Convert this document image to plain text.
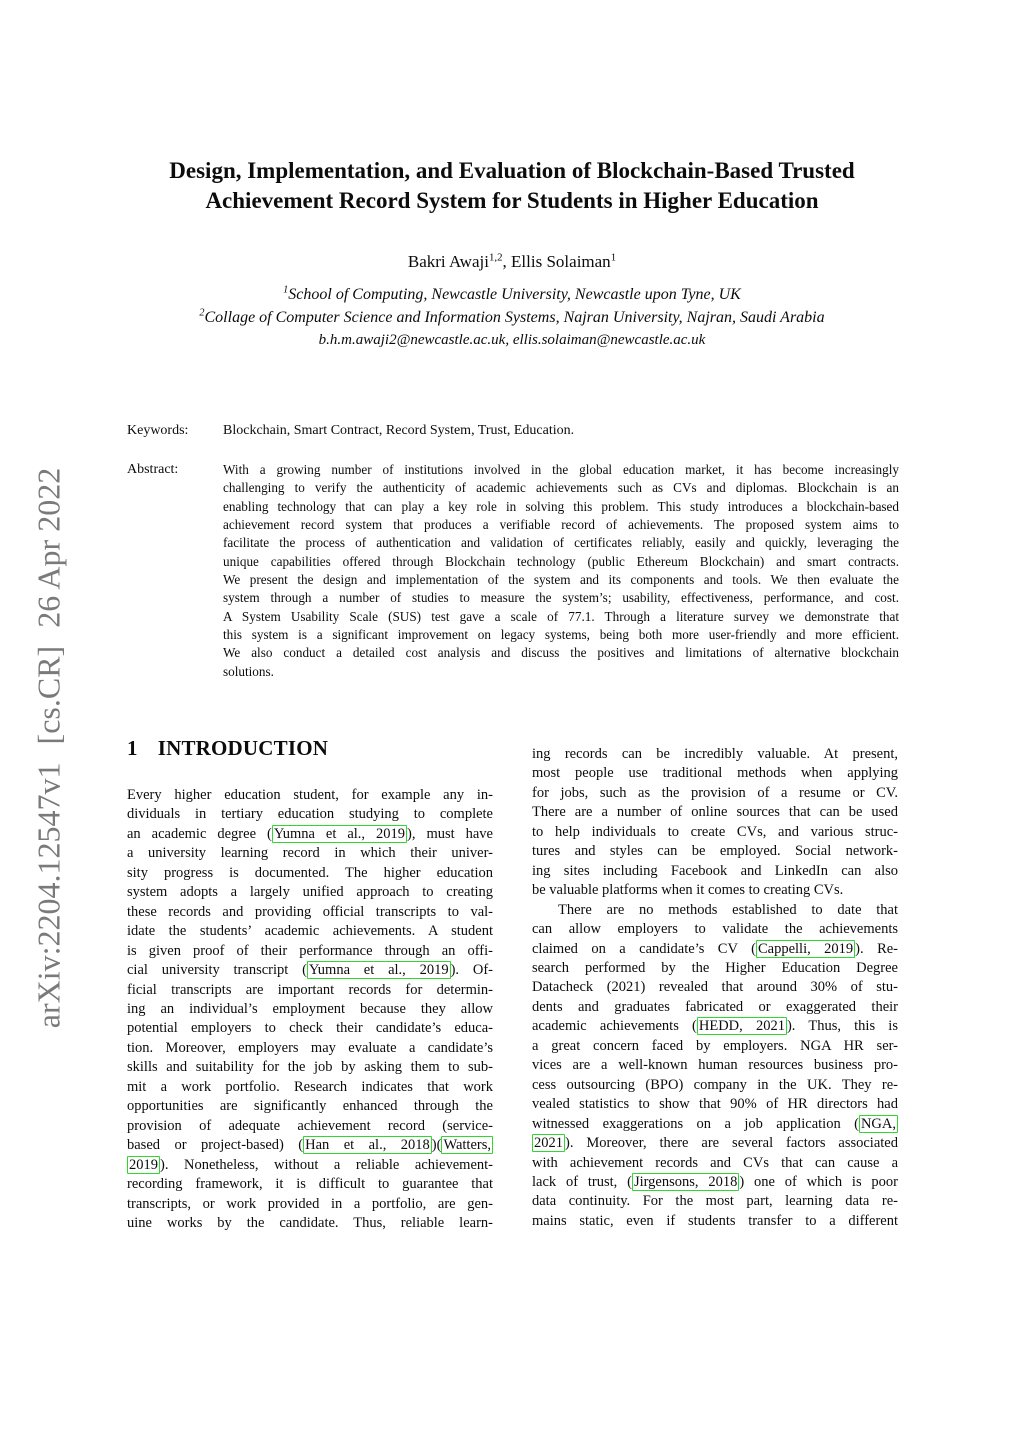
arXiv:2204.12547v1[cs.CR]26 Apr 2022
Design, Implementation, and Evaluation of Blockchain-Based Trusted
Achievement Record System for Students in Higher Education
Bakri Awaji$^{1,2}$, Ellis Solaiman$^1$
$^1$School of Computing, Newcastle University, Newcastle upon Tyne, UK
$^2$Collage of Computer Science and Information Systems, Najran University, Najran, Saudi Arabia
b.h.m.awaji2@newcastle.ac.uk, ellis.solaiman@newcastle.ac.uk
Keywords: Blockchain, Smart Contract, Record System, Trust, Education.
Abstract:	With a growing number of institutions involved in the global education market, it has become increasingly
challenging to verify the authenticity of academic achievements such as CVs and diplomas. Blockchain is an
enabling technology that can play a key role in solving this problem. This study introduces a blockchain-based
achievement record system that produces a verifiable record of achievements. The proposed system aims to
facilitate the process of authentication and validation of certificates reliably, easily and quickly, leveraging the
unique capabilities offered through Blockchain technology (public Ethereum Blockchain) and smart contracts.
We present the design and implementation of the system and its components and tools. We then evaluate the
system through a number of studies to measure the system’s; usability, effectiveness, performance, and cost.
A System Usability Scale (SUS) test gave a scale of 77.1. Through a literature survey we demonstrate that
this system is a significant improvement on legacy systems, being both more user-friendly and more efficient.
We also conduct a detailed cost analysis and discuss the positives and limitations of alternative blockchain
solutions.
1 INTRODUCTION
Every higher education student, for example any in-
dividuals in tertiary education studying to complete
an academic degree ( Yumna et al., 2019 ), must have
a university learning record in which their univer-
sity progress is documented. The higher education
system adopts a largely unified approach to creating
these records and providing official transcripts to val-
idate the students’ academic achievements. A student
is given proof of their performance through an offi-
cial university transcript ( Yumna et al., 2019 ). Of-
ficial transcripts are important records for determin-
ing an individual’s employment because they allow
potential employers to check their candidate’s educa-
tion. Moreover, employers may evaluate a candidate’s
skills and suitability for the job by asking them to sub-
mit a work portfolio. Research indicates that work
opportunities are significantly enhanced through the
provision of adequate achievement record (service-
based or project-based) ( Han et al., 2018 )( Watters,
2019 ). Nonetheless, without a reliable achievement-
recording framework, it is difficult to guarantee that
transcripts, or work provided in a portfolio, are gen-
uine works by the candidate. Thus, reliable learn-
ing records can be incredibly valuable. At present,
most people use traditional methods when applying
for jobs, such as the provision of a resume or CV.
There are a number of online sources that can be used
to help individuals to create CVs, and various struc-
tures and styles can be employed. Social network-
ing sites including Facebook and LinkedIn can also
be valuable platforms when it comes to creating CVs.
There are no methods established to date that
can allow employers to validate the achievements
claimed on a candidate’s CV ( Cappelli, 2019 ). Re-
search performed by the Higher Education Degree
Datacheck (2021) revealed that around 30% of stu-
dents and graduates fabricated or exaggerated their
academic achievements ( HEDD, 2021 ). Thus, this is
a great concern faced by employers. NGA HR ser-
vices are a well-known human resources business pro-
cess outsourcing (BPO) company in the UK. They re-
vealed statistics to show that 90% of HR directors had
witnessed exaggerations on a job application ( NGA,
2021 ). Moreover, there are several factors associated
with achievement records and CVs that can cause a
lack of trust, ( Jirgensons, 2018 ) one of which is poor
data continuity. For the most part, learning data re-
mains static, even if students transfer to a different
